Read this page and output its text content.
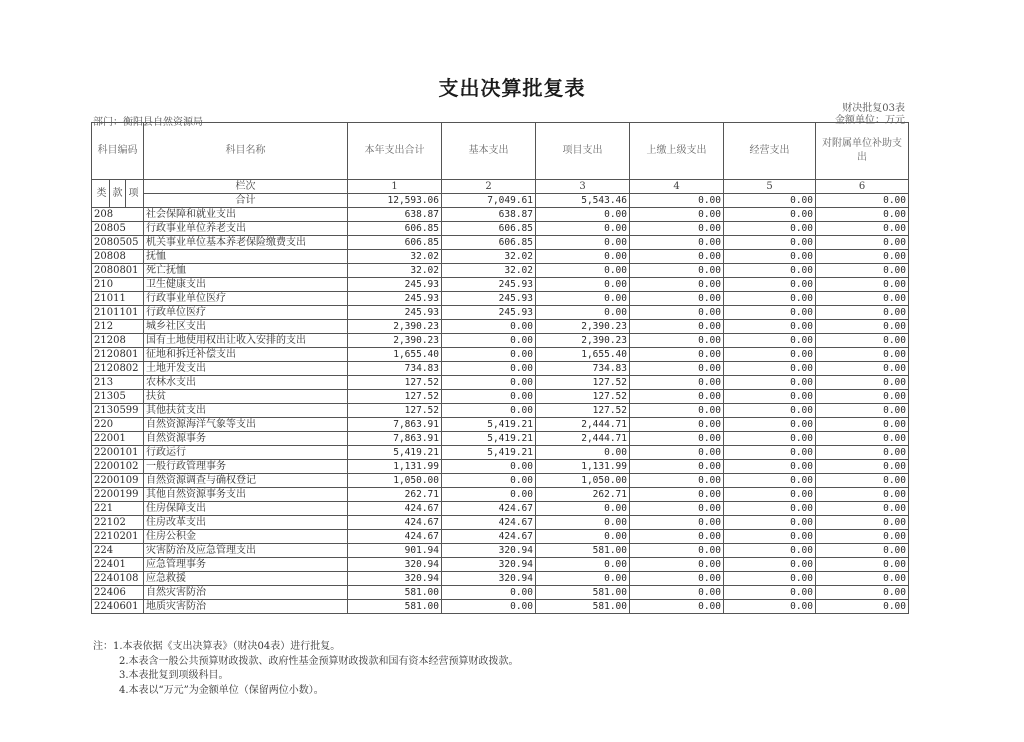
支出决算批复表
财决批复03表
金额单位：万元
部门：衡阳县自然资源局
科目编码	科目名称	本年支出合计	基本支出	项目支出	上缴上级支出	经营支出	对附属单位补助支出

类 款 项	栏次	1	2	3	4	5	6
	合计	12,593.06	7,049.61	5,543.46	0.00	0.00	0.00
208	社会保障和就业支出	638.87	638.87	0.00	0.00	0.00	0.00
20805	行政事业单位养老支出	606.85	606.85	0.00	0.00	0.00	0.00
2080505	机关事业单位基本养老保险缴费支出	606.85	606.85	0.00	0.00	0.00	0.00
20808	抚恤	32.02	32.02	0.00	0.00	0.00	0.00
2080801	死亡抚恤	32.02	32.02	0.00	0.00	0.00	0.00
210	卫生健康支出	245.93	245.93	0.00	0.00	0.00	0.00
21011	行政事业单位医疗	245.93	245.93	0.00	0.00	0.00	0.00
2101101	行政单位医疗	245.93	245.93	0.00	0.00	0.00	0.00
212	城乡社区支出	2,390.23	0.00	2,390.23	0.00	0.00	0.00
21208	国有土地使用权出让收入安排的支出	2,390.23	0.00	2,390.23	0.00	0.00	0.00
2120801	征地和拆迁补偿支出	1,655.40	0.00	1,655.40	0.00	0.00	0.00
2120802	土地开发支出	734.83	0.00	734.83	0.00	0.00	0.00
213	农林水支出	127.52	0.00	127.52	0.00	0.00	0.00
21305	扶贫	127.52	0.00	127.52	0.00	0.00	0.00
2130599	其他扶贫支出	127.52	0.00	127.52	0.00	0.00	0.00
220	自然资源海洋气象等支出	7,863.91	5,419.21	2,444.71	0.00	0.00	0.00
22001	自然资源事务	7,863.91	5,419.21	2,444.71	0.00	0.00	0.00
2200101	行政运行	5,419.21	5,419.21	0.00	0.00	0.00	0.00
2200102	一般行政管理事务	1,131.99	0.00	1,131.99	0.00	0.00	0.00
2200109	自然资源调查与确权登记	1,050.00	0.00	1,050.00	0.00	0.00	0.00
2200199	其他自然资源事务支出	262.71	0.00	262.71	0.00	0.00	0.00
221	住房保障支出	424.67	424.67	0.00	0.00	0.00	0.00
22102	住房改革支出	424.67	424.67	0.00	0.00	0.00	0.00
2210201	住房公积金	424.67	424.67	0.00	0.00	0.00	0.00
224	灾害防治及应急管理支出	901.94	320.94	581.00	0.00	0.00	0.00
22401	应急管理事务	320.94	320.94	0.00	0.00	0.00	0.00
2240108	应急救援	320.94	320.94	0.00	0.00	0.00	0.00
22406	自然灾害防治	581.00	0.00	581.00	0.00	0.00	0.00
2240601	地质灾害防治	581.00	0.00	581.00	0.00	0.00	0.00
注：1.本表依据《支出决算表》（财决04表）进行批复。
2.本表含一般公共预算财政拨款、政府性基金预算财政拨款和国有资本经营预算财政拨款。
3.本表批复到项级科目。
4.本表以“万元”为金额单位（保留两位小数）。
